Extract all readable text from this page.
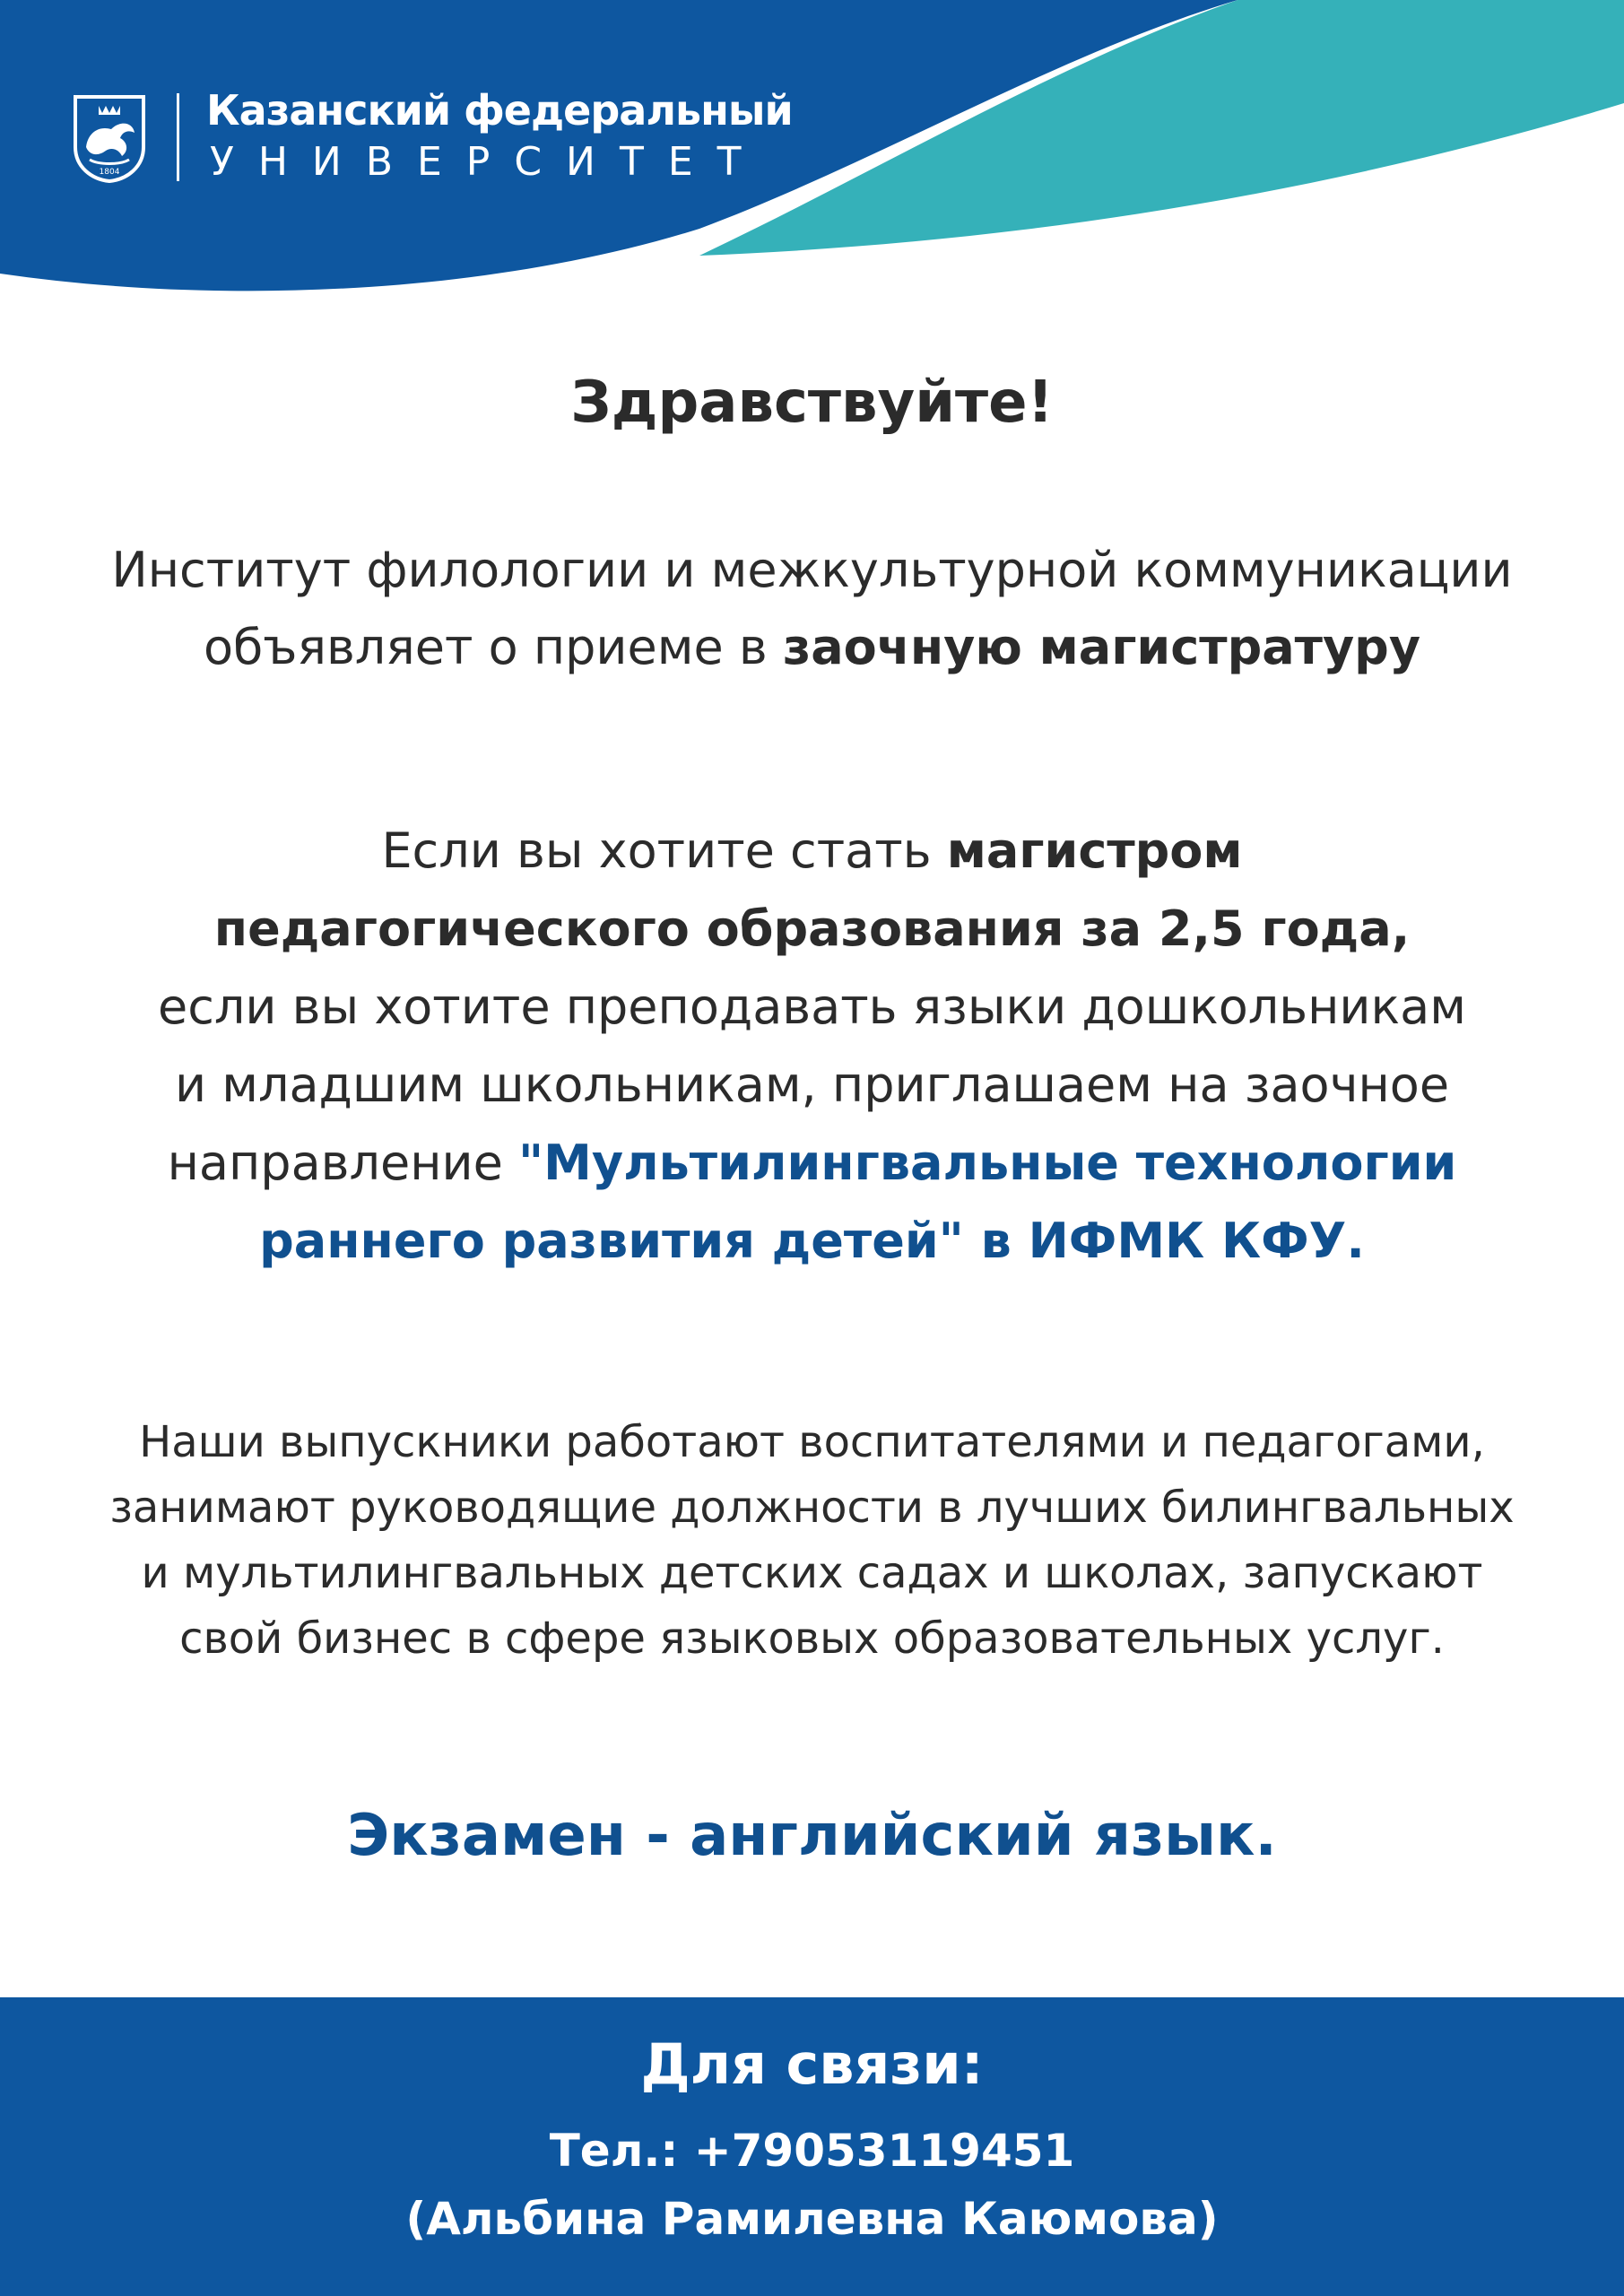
1804
Казанский федеральный
УНИВЕРСИТЕТ
Здравствуйте!
Институт филологии и межкультурной коммуникации
объявляет о приеме в заочную магистратуру
Если вы хотите стать магистром
педагогического образования за 2,5 года,
если вы хотите преподавать языки дошкольникам
и младшим школьникам, приглашаем на заочное
направление "Мультилингвальные технологии
раннего развития детей" в ИФМК КФУ.
Наши выпускники работают воспитателями и педагогами,
занимают руководящие должности в лучших билингвальных
и мультилингвальных детских садах и школах, запускают
свой бизнес в сфере языковых образовательных услуг.
Экзамен - английский язык.
Для связи:
Тел.: +79053119451
(Альбина Рамилевна Каюмова)
